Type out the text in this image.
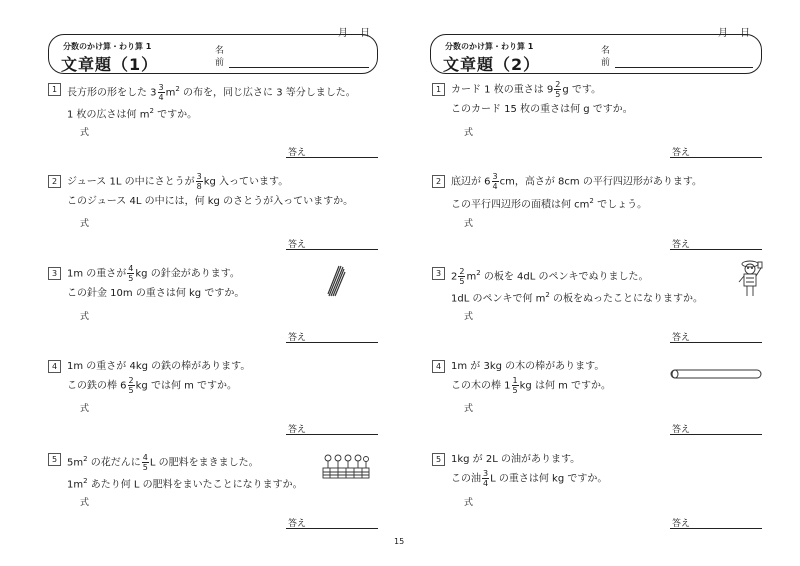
月　日
分数のかけ算・わり算 1
文章題（1）
名
前
1 長方形の形をした $3 \frac{3}{4} m^2$ の布を，同じ広さに 3 等分しました。
1 枚の広さは何 $m^2$ ですか。
式
答え
2 ジュース 1L の中にさとうが $\frac{3}{8}$ kg 入っています。
このジュース 4L の中には，何 kg のさとうが入っていますか。
式
答え
3 1m の重さが $\frac{4}{5}$ kg の針金があります。
この針金 10m の重さは何 kg ですか。
式
答え
4 1m の重さが 4kg の鉄の棒があります。
この鉄の棒 $6 \frac{2}{5}$ kg では何 m ですか。
式
答え
5 $5m^2$ の花だんに $\frac{4}{5}$ L の肥料をまきました。
$1m^2$ あたり何 L の肥料をまいたことになりますか。
式
答え
月　日
分数のかけ算・わり算 1
文章題（2）
名
前
1 カード 1 枚の重さは $9 \frac{2}{5}$ g です。
このカード 15 枚の重さは何 g ですか。
式
答え
2 底辺が $6 \frac{3}{4}$ cm，高さが 8cm の平行四辺形があります。
この平行四辺形の面積は何 $cm^2$ でしょう。
式
答え
3 $2 \frac{2}{5} m^2$ の板を 4dL のペンキでぬりました。
1dL のペンキで何 $m^2$ の板をぬったことになりますか。
式
答え
4 1m が 3kg の木の棒があります。
この木の棒 $1 \frac{1}{5}$ kg は何 m ですか。
式
答え
5 1kg が 2L の油があります。
この油 $\frac{3}{4}$ L の重さは何 kg ですか。
式
答え
15
